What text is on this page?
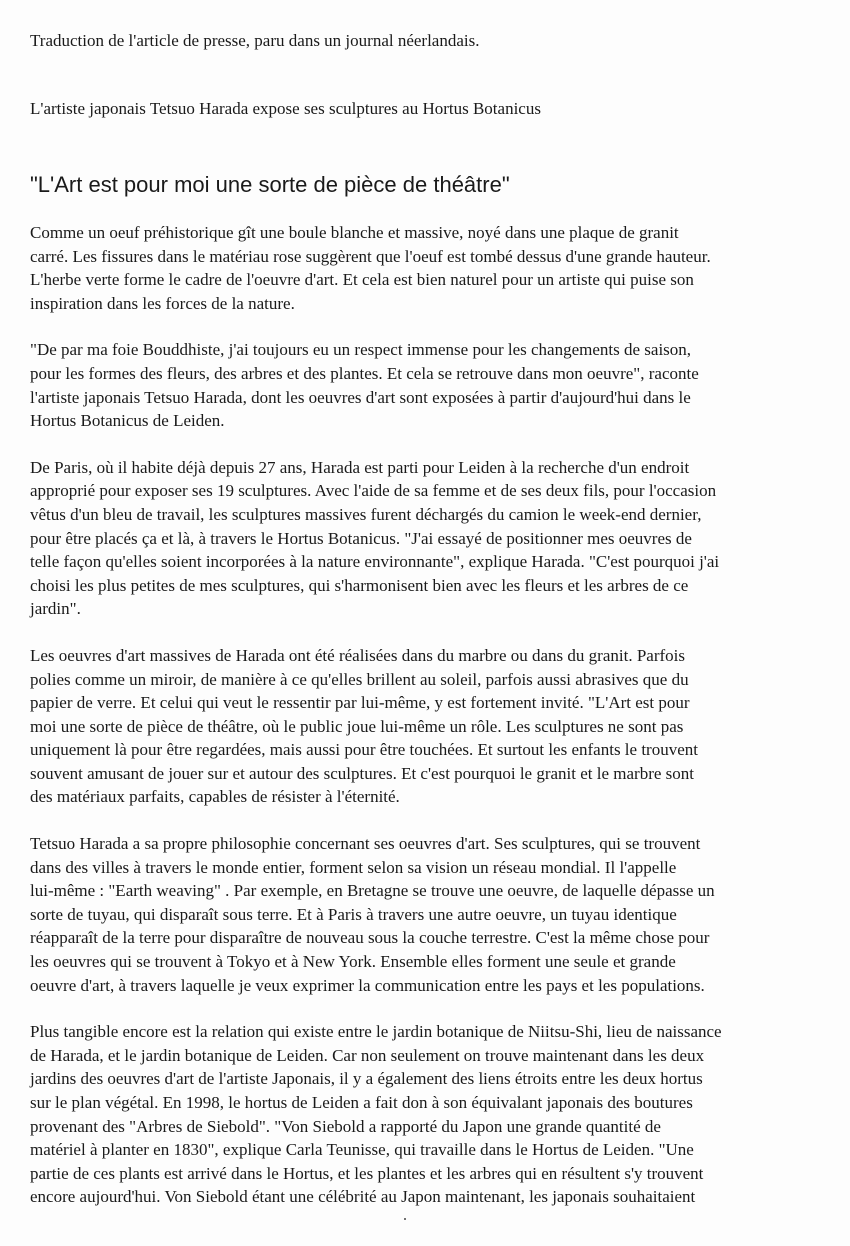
Traduction de l'article de presse, paru dans un journal néerlandais.

L'artiste japonais Tetsuo Harada expose ses sculptures au Hortus Botanicus

"L'Art est pour moi une sorte de pièce de théâtre"

Comme un oeuf préhistorique gît une boule blanche et massive, noyé dans une plaque de granit
carré. Les fissures dans le matériau rose suggèrent que l'oeuf est tombé dessus d'une grande hauteur.
L'herbe verte forme le cadre de l'oeuvre d'art. Et cela est bien naturel pour un artiste qui puise son
inspiration dans les forces de la nature.

"De par ma foie Bouddhiste, j'ai toujours eu un respect immense pour les changements de saison,
pour les formes des fleurs, des arbres et des plantes. Et cela se retrouve dans mon oeuvre", raconte
l'artiste japonais Tetsuo Harada, dont les oeuvres d'art sont exposées à partir d'aujourd'hui dans le
Hortus Botanicus de Leiden.

De Paris, où il habite déjà depuis 27 ans, Harada est parti pour Leiden à la recherche d'un endroit
approprié pour exposer ses 19 sculptures. Avec l'aide de sa femme et de ses deux fils, pour l'occasion
vêtus d'un bleu de travail, les sculptures massives furent déchargés du camion le week-end dernier,
pour être placés ça et là, à travers le Hortus Botanicus. "J'ai essayé de positionner mes oeuvres de
telle façon qu'elles soient incorporées à la nature environnante", explique Harada. "C'est pourquoi j'ai
choisi les plus petites de mes sculptures, qui s'harmonisent bien avec les fleurs et les arbres de ce
jardin".

Les oeuvres d'art massives de Harada ont été réalisées dans du marbre ou dans du granit. Parfois
polies comme un miroir, de manière à ce qu'elles brillent au soleil, parfois aussi abrasives que du
papier de verre. Et celui qui veut le ressentir par lui-même, y est fortement invité. "L'Art est pour
moi une sorte de pièce de théâtre, où le public joue lui-même un rôle. Les sculptures ne sont pas
uniquement là pour être regardées, mais aussi pour être touchées. Et surtout les enfants le trouvent
souvent amusant de jouer sur et autour des sculptures. Et c'est pourquoi le granit et le marbre sont
des matériaux parfaits, capables de résister à l'éternité.

Tetsuo Harada a sa propre philosophie concernant ses oeuvres d'art. Ses sculptures, qui se trouvent
dans des villes à travers le monde entier, forment selon sa vision un réseau mondial. Il l'appelle
lui-même : "Earth weaving" . Par exemple, en Bretagne se trouve une oeuvre, de laquelle dépasse un
sorte de tuyau, qui disparaît sous terre. Et à Paris à travers une autre oeuvre, un tuyau identique
réapparaît de la terre pour disparaître de nouveau sous la couche terrestre. C'est la même chose pour
les oeuvres qui se trouvent à Tokyo et à New York. Ensemble elles forment une seule et grande
oeuvre d'art, à travers laquelle je veux exprimer la communication entre les pays et les populations.

Plus tangible encore est la relation qui existe entre le jardin botanique de Niitsu-Shi, lieu de naissance
de Harada, et le jardin botanique de Leiden. Car non seulement on trouve maintenant dans les deux
jardins des oeuvres d'art de l'artiste Japonais, il y a également des liens étroits entre les deux hortus
sur le plan végétal. En 1998, le hortus de Leiden a fait don à son équivalant japonais des boutures
provenant des "Arbres de Siebold". "Von Siebold a rapporté du Japon une grande quantité de
matériel à planter en 1830", explique Carla Teunisse, qui travaille dans le Hortus de Leiden. "Une
partie de ces plants est arrivé dans le Hortus, et les plantes et les arbres qui en résultent s'y trouvent
encore aujourd'hui. Von Siebold étant une célébrité au Japon maintenant, les japonais souhaitaient
